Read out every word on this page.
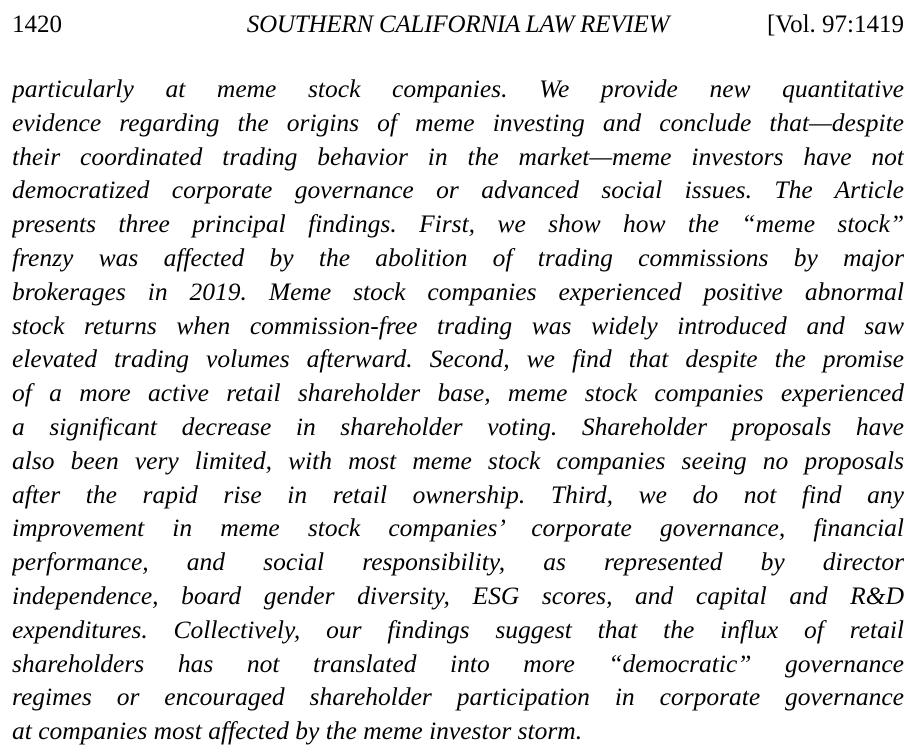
1420	SOUTHERN CALIFORNIA LAW REVIEW	[Vol. 97:1419
particularly at meme stock companies. We provide new quantitative
evidence regarding the origins of meme investing and conclude that—despite
their coordinated trading behavior in the market—meme investors have not
democratized corporate governance or advanced social issues. The Article
presents three principal findings. First, we show how the “meme stock”
frenzy was affected by the abolition of trading commissions by major
brokerages in 2019. Meme stock companies experienced positive abnormal
stock returns when commission-free trading was widely introduced and saw
elevated trading volumes afterward. Second, we find that despite the promise
of a more active retail shareholder base, meme stock companies experienced
a significant decrease in shareholder voting. Shareholder proposals have
also been very limited, with most meme stock companies seeing no proposals
after the rapid rise in retail ownership. Third, we do not find any
improvement in meme stock companies’ corporate governance, financial
performance, and social responsibility, as represented by director
independence, board gender diversity, ESG scores, and capital and R&D
expenditures. Collectively, our findings suggest that the influx of retail
shareholders has not translated into more “democratic” governance
regimes or encouraged shareholder participation in corporate governance
at companies most affected by the meme investor storm.
